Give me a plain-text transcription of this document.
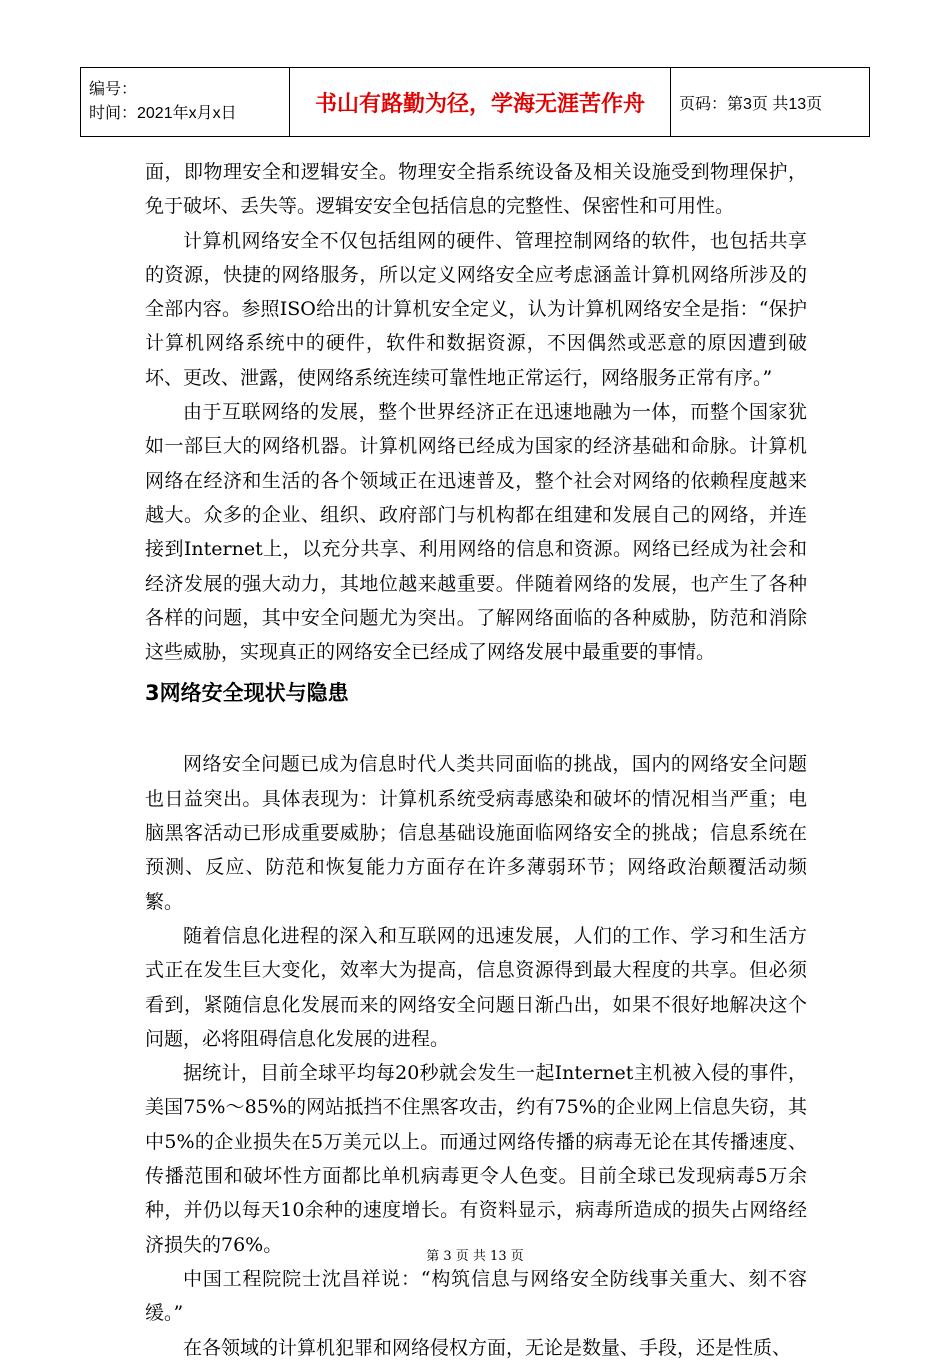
编号：
时间：2021年x月x日	书山有路勤为径，学海无涯苦作舟	页码：第3页 共13页

面，即物理安全和逻辑安全。物理安全指系统设备及相关设施受到物理保护，免于破坏、丢失等。逻辑安安全包括信息的完整性、保密性和可用性。

计算机网络安全不仅包括组网的硬件、管理控制网络的软件，也包括共享的资源，快捷的网络服务，所以定义网络安全应考虑涵盖计算机网络所涉及的全部内容。参照ISO给出的计算机安全定义，认为计算机网络安全是指：“保护计算机网络系统中的硬件，软件和数据资源，不因偶然或恶意的原因遭到破坏、更改、泄露，使网络系统连续可靠性地正常运行，网络服务正常有序。”

由于互联网络的发展，整个世界经济正在迅速地融为一体，而整个国家犹如一部巨大的网络机器。计算机网络已经成为国家的经济基础和命脉。计算机网络在经济和生活的各个领域正在迅速普及，整个社会对网络的依赖程度越来越大。众多的企业、组织、政府部门与机构都在组建和发展自己的网络，并连接到Internet上，以充分共享、利用网络的信息和资源。网络已经成为社会和经济发展的强大动力，其地位越来越重要。伴随着网络的发展，也产生了各种各样的问题，其中安全问题尤为突出。了解网络面临的各种威胁，防范和消除这些威胁，实现真正的网络安全已经成了网络发展中最重要的事情。

3网络安全现状与隐患

网络安全问题已成为信息时代人类共同面临的挑战，国内的网络安全问题也日益突出。具体表现为：计算机系统受病毒感染和破坏的情况相当严重；电脑黑客活动已形成重要威胁；信息基础设施面临网络安全的挑战；信息系统在预测、反应、防范和恢复能力方面存在许多薄弱环节；网络政治颠覆活动频繁。

随着信息化进程的深入和互联网的迅速发展，人们的工作、学习和生活方式正在发生巨大变化，效率大为提高，信息资源得到最大程度的共享。但必须看到，紧随信息化发展而来的网络安全问题日渐凸出，如果不很好地解决这个问题，必将阻碍信息化发展的进程。

据统计，目前全球平均每20秒就会发生一起Internet主机被入侵的事件，美国75%～85%的网站抵挡不住黑客攻击，约有75%的企业网上信息失窃，其中5%的企业损失在5万美元以上。而通过网络传播的病毒无论在其传播速度、传播范围和破坏性方面都比单机病毒更令人色变。目前全球已发现病毒5万余种，并仍以每天10余种的速度增长。有资料显示，病毒所造成的损失占网络经济损失的76%。

中国工程院院士沈昌祥说：“构筑信息与网络安全防线事关重大、刻不容缓。”

在各领域的计算机犯罪和网络侵权方面，无论是数量、手段，还是性质、

第 3 页 共 13 页
